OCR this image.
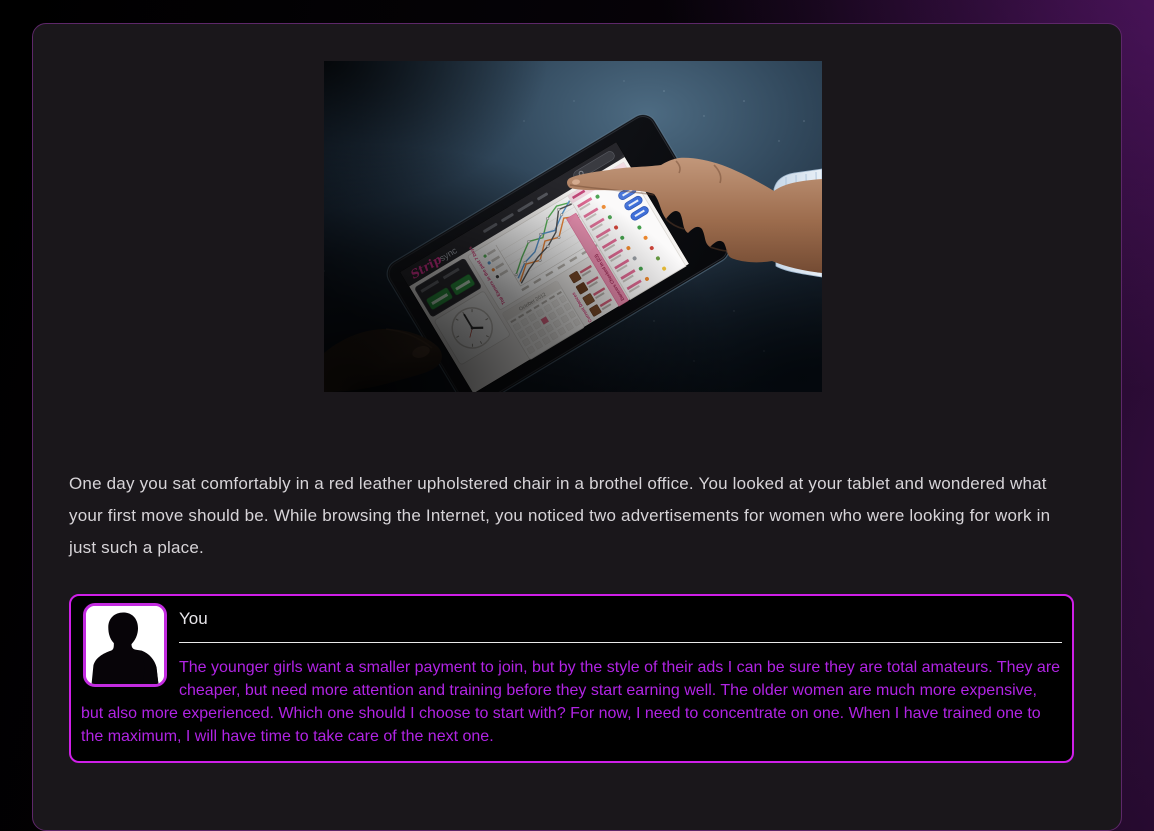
One day you sat comfortably in a red leather upholstered chair in a brothel office. You looked at your tablet and wondered what your first move should be. While browsing the Internet, you noticed two advertisements for women who were looking for work in just such a place.

You

The younger girls want a smaller payment to join, but by the style of their ads I can be sure they are total amateurs. They are cheaper, but need more attention and training before they start earning well. The older women are much more expensive, but also more experienced. Which one should I choose to start with? For now, I need to concentrate on one. When I have trained one to the maximum, I will have time to take care of the next one.
